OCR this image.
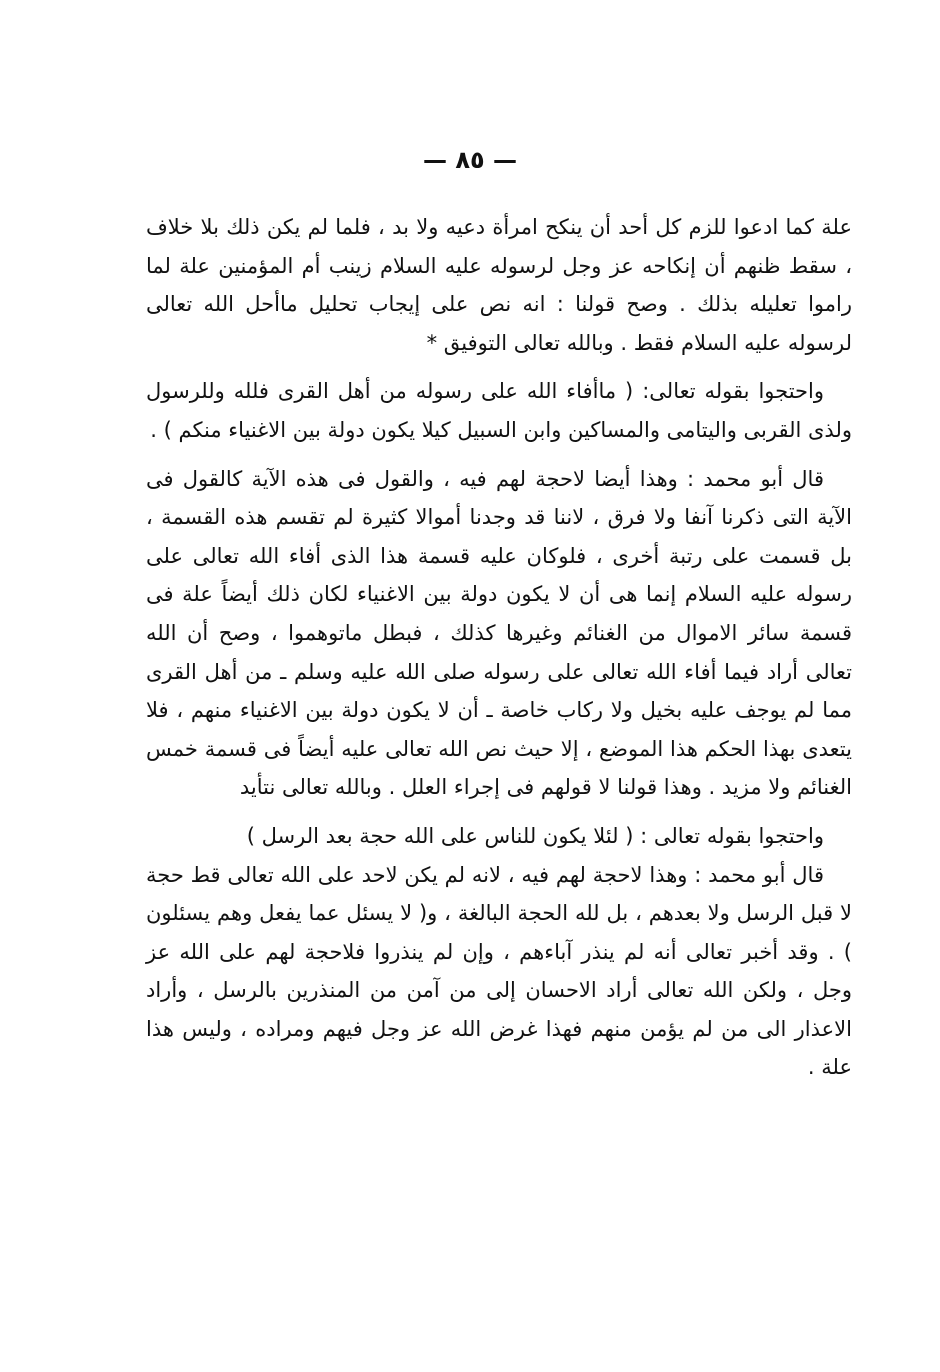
— ٨٥ —

علة كما ادعوا للزم كل أحد أن ينكح امرأة دعيه ولا بد ، فلما لم يكن ذلك بلا خلاف ، سقط ظنهم أن إنكاحه عز وجل لرسوله عليه السلام زينب أم المؤمنين علة لما راموا تعليله بذلك . وصح قولنا : انه نص على إيجاب تحليل ماأحل الله تعالى لرسوله عليه السلام فقط . وبالله تعالى التوفيق *

واحتجوا بقوله تعالى: ( ماأفاء الله على رسوله من أهل القرى فلله وللرسول ولذى القربى واليتامى والمساكين وابن السبيل كيلا يكون دولة بين الاغنياء منكم ) .

قال أبو محمد : وهذا أيضا لاحجة لهم فيه ، والقول فى هذه الآية كالقول فى الآية التى ذكرنا آنفا ولا فرق ، لاننا قد وجدنا أموالا كثيرة لم تقسم هذه القسمة ، بل قسمت على رتبة أخرى ، فلوكان عليه قسمة هذا الذى أفاء الله تعالى على رسوله عليه السلام إنما هى أن لا يكون دولة بين الاغنياء لكان ذلك أيضاً علة فى قسمة سائر الاموال من الغنائم وغيرها كذلك ، فبطل ماتوهموا ، وصح أن الله تعالى أراد فيما أفاء الله تعالى على رسوله صلى الله عليه وسلم ـ من أهل القرى مما لم يوجف عليه بخيل ولا ركاب خاصة ـ أن لا يكون دولة بين الاغنياء منهم ، فلا يتعدى بهذا الحكم هذا الموضع ، إلا حيث نص الله تعالى عليه أيضاً فى قسمة خمس الغنائم ولا مزيد . وهذا قولنا لا قولهم فى إجراء العلل . وبالله تعالى نتأيد

واحتجوا بقوله تعالى : ( لئلا يكون للناس على الله حجة بعد الرسل )

قال أبو محمد : وهذا لاحجة لهم فيه ، لانه لم يكن لاحد على الله تعالى قط حجة لا قبل الرسل ولا بعدهم ، بل لله الحجة البالغة ، و( لا يسئل عما يفعل وهم يسئلون ) . وقد أخبر تعالى أنه لم ينذر آباءهم ، وإن لم ينذروا فلاحجة لهم على الله عز وجل ، ولكن الله تعالى أراد الاحسان إلى من آمن من المنذرين بالرسل ، وأراد الاعذار الى من لم يؤمن منهم فهذا غرض الله عز وجل فيهم ومراده ، وليس هذا علة .
